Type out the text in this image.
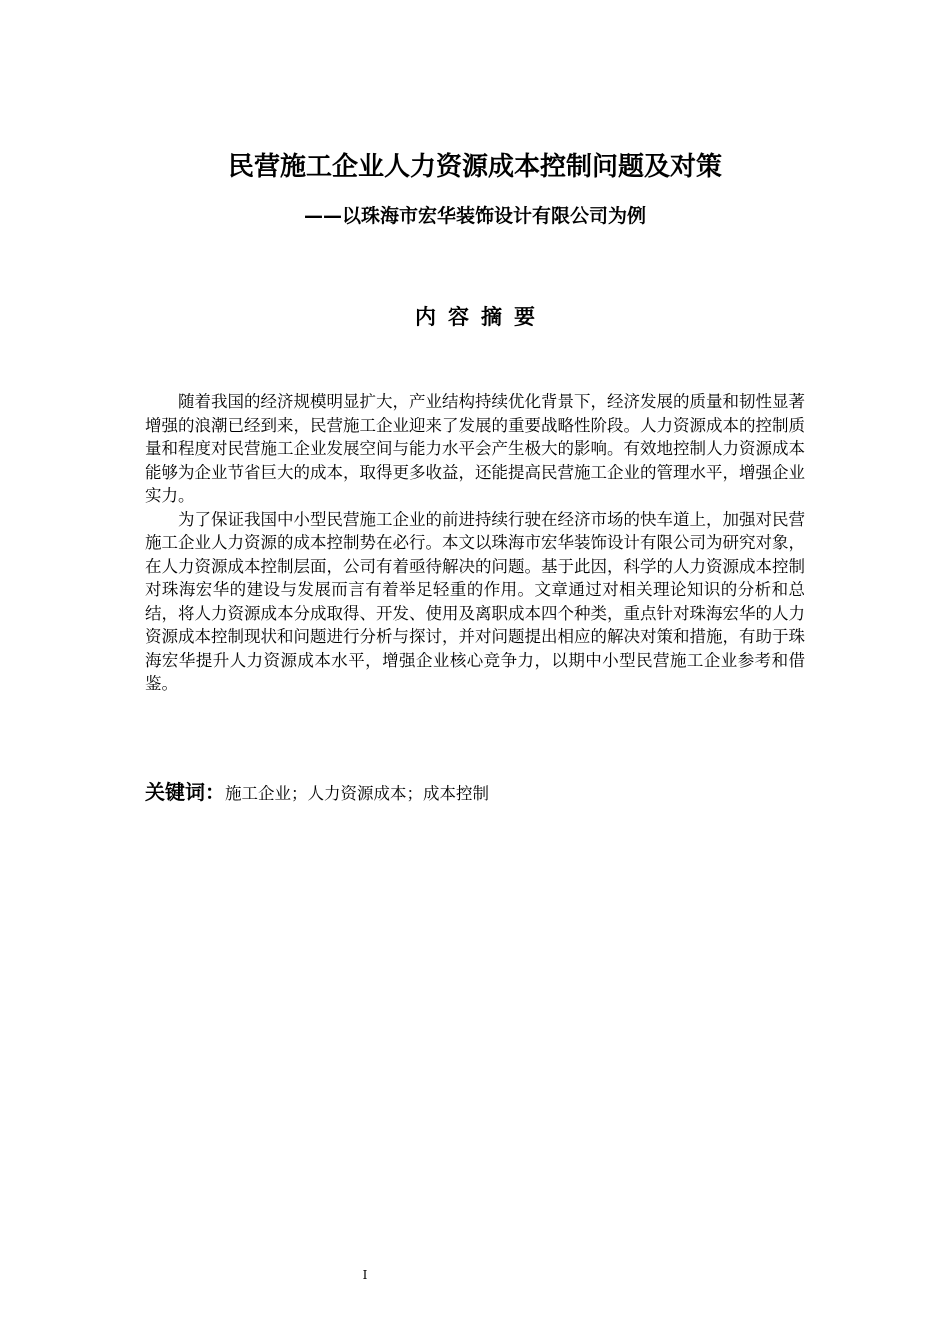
民营施工企业人力资源成本控制问题及对策
——以珠海市宏华装饰设计有限公司为例
内容摘要

随着我国的经济规模明显扩大，产业结构持续优化背景下，经济发展的质量和韧性显著增强的浪潮已经到来，民营施工企业迎来了发展的重要战略性阶段。人力资源成本的控制质量和程度对民营施工企业发展空间与能力水平会产生极大的影响。有效地控制人力资源成本能够为企业节省巨大的成本，取得更多收益，还能提高民营施工企业的管理水平，增强企业实力。

为了保证我国中小型民营施工企业的前进持续行驶在经济市场的快车道上，加强对民营施工企业人力资源的成本控制势在必行。本文以珠海市宏华装饰设计有限公司为研究对象，在人力资源成本控制层面，公司有着亟待解决的问题。基于此因，科学的人力资源成本控制对珠海宏华的建设与发展而言有着举足轻重的作用。文章通过对相关理论知识的分析和总结，将人力资源成本分成取得、开发、使用及离职成本四个种类，重点针对珠海宏华的人力资源成本控制现状和问题进行分析与探讨，并对问题提出相应的解决对策和措施，有助于珠海宏华提升人力资源成本水平，增强企业核心竞争力，以期中小型民营施工企业参考和借鉴。

关键词：施工企业；人力资源成本；成本控制
I
